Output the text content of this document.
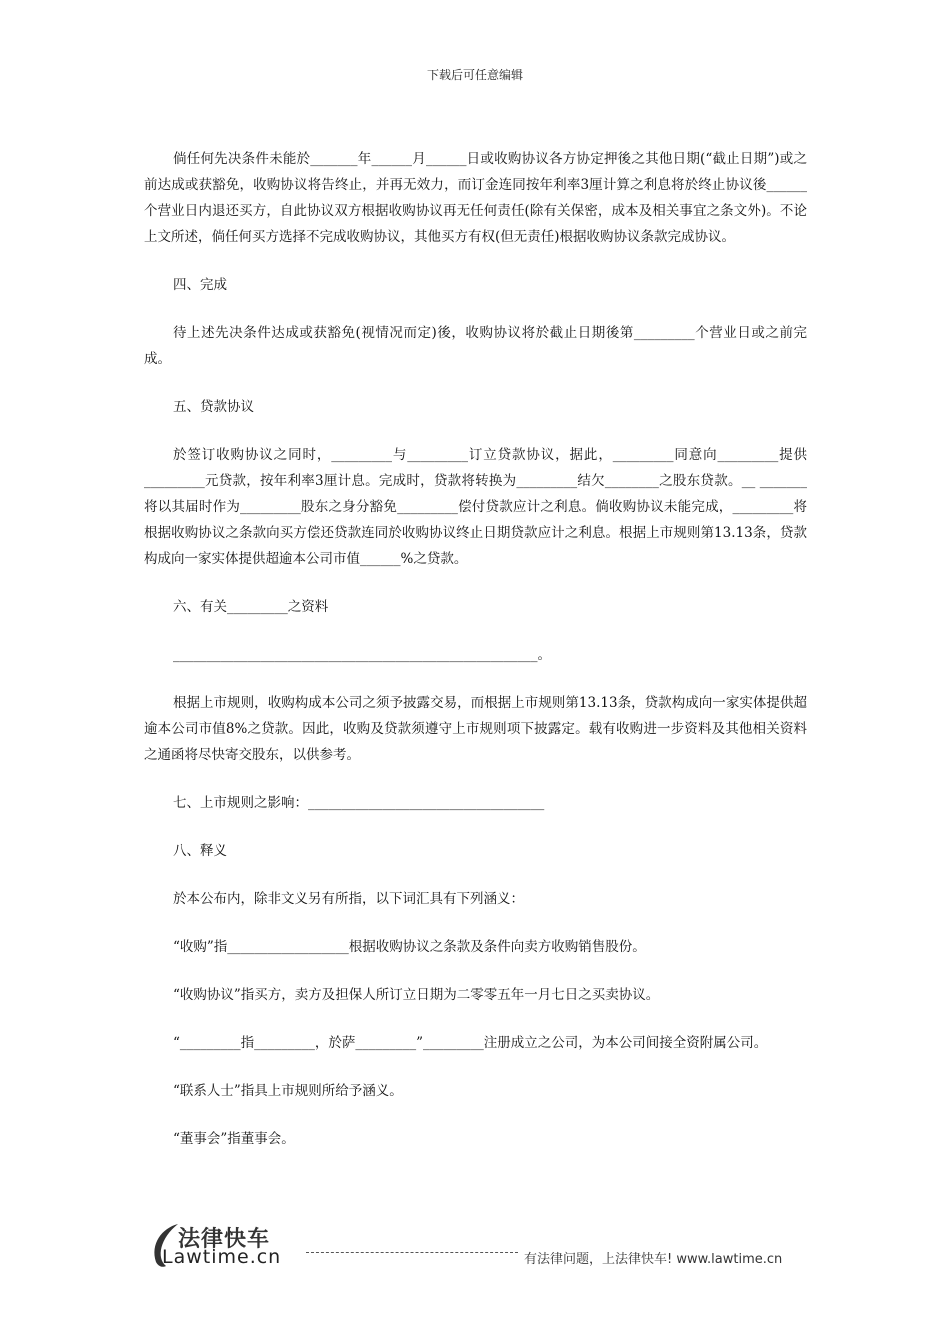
下载后可任意编辑

倘任何先决条件未能於_______年______月______日或收购协议各方协定押後之其他日期(“截止日期”)或之前达成或获豁免，收购协议将告终止，并再无效力，而订金连同按年利率3厘计算之利息将於终止协议後______个营业日内退还买方，自此协议双方根据收购协议再无任何责任(除有关保密，成本及相关事宜之条文外)。不论上文所述，倘任何买方选择不完成收购协议，其他买方有权(但无责任)根据收购协议条款完成协议。

四、完成

待上述先决条件达成或获豁免(视情况而定)後，收购协议将於截止日期後第_________个营业日或之前完成。

五、贷款协议

於签订收购协议之同时，_________与_________订立贷款协议，据此，_________同意向_________提供_________元贷款，按年利率3厘计息。完成时，贷款将转换为_________结欠________之股东贷款。__ _______将以其届时作为_________股东之身分豁免_________偿付贷款应计之利息。倘收购协议未能完成，_________将根据收购协议之条款向买方偿还贷款连同於收购协议终止日期贷款应计之利息。根据上市规则第13.13条，贷款构成向一家实体提供超逾本公司市值______%之贷款。

六、有关_________之资料

______________________________________________________。

根据上市规则，收购构成本公司之须予披露交易，而根据上市规则第13.13条，贷款构成向一家实体提供超逾本公司市值8%之贷款。因此，收购及贷款须遵守上市规则项下披露定。载有收购进一步资料及其他相关资料之通函将尽快寄交股东，以供参考。

七、上市规则之影响：___________________________________

八、释义

於本公布内，除非文义另有所指，以下词汇具有下列涵义：

“收购”指__________________根据收购协议之条款及条件向卖方收购销售股份。

“收购协议”指买方，卖方及担保人所订立日期为二零零五年一月七日之买卖协议。

“_________指_________，於萨_________”_________注册成立之公司，为本公司间接全资附属公司。

“联系人士”指具上市规则所给予涵义。

“董事会”指董事会。

法律快车
Lawtime.cn	有法律问题，上法律快车! www.lawtime.cn
